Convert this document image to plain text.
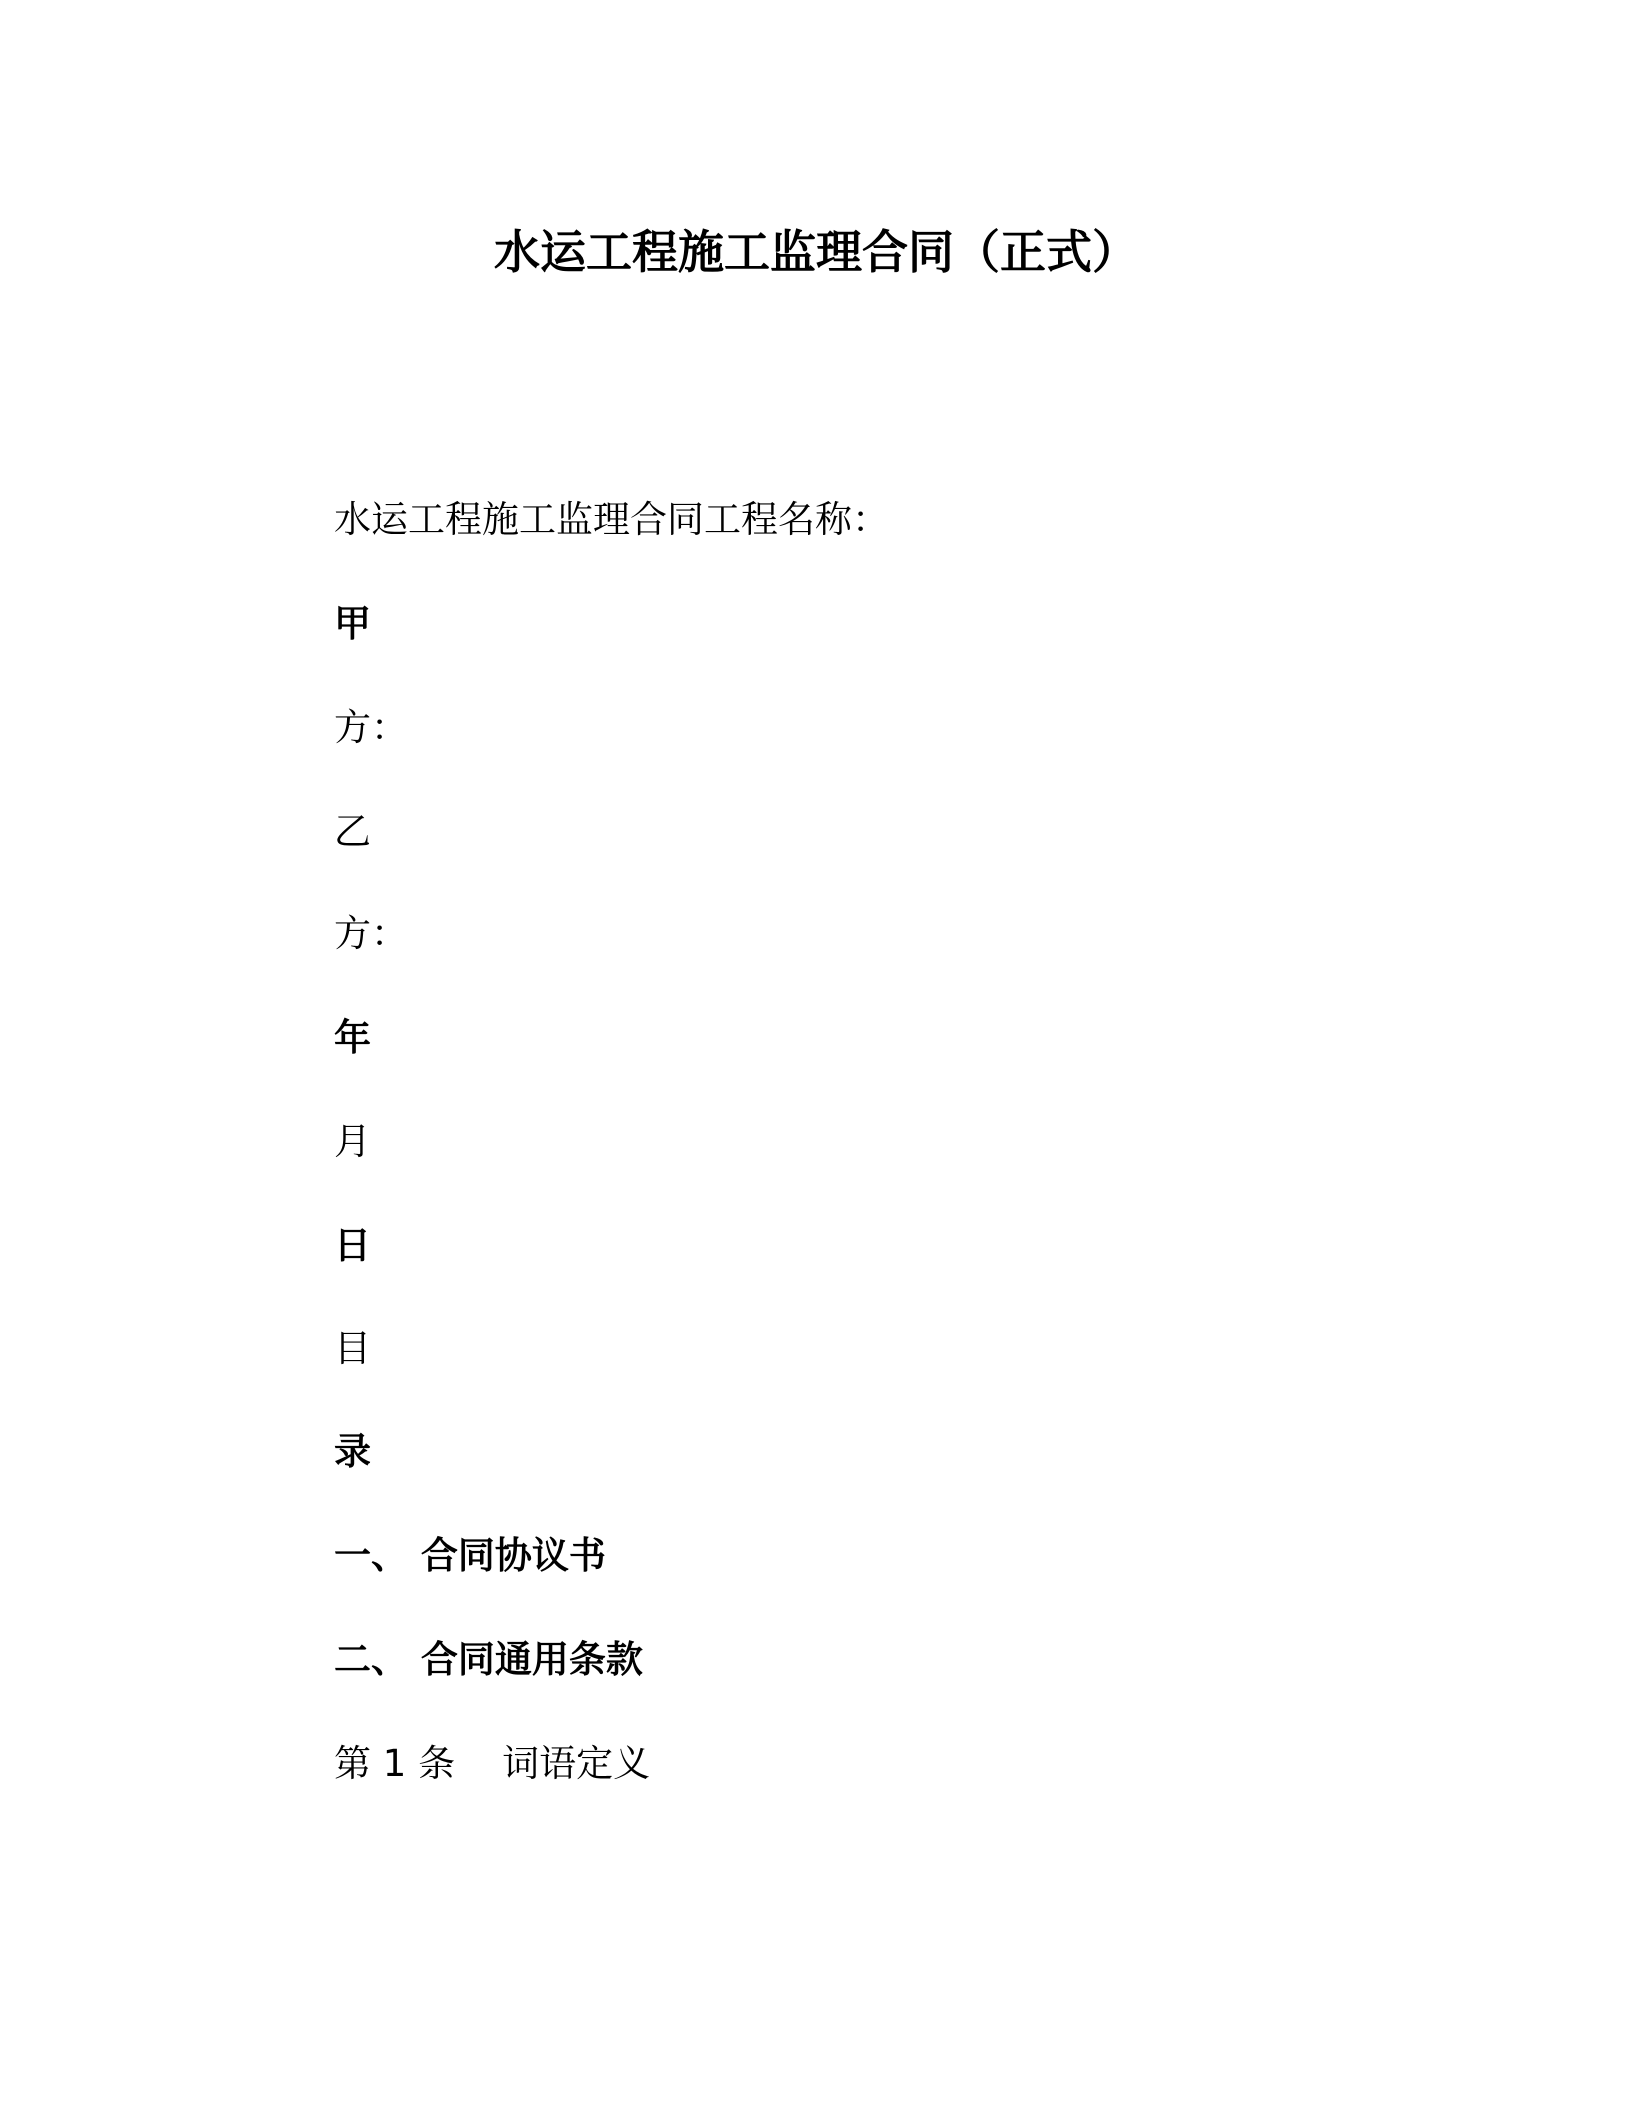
水运工程施工监理合同（正式）
水运工程施工监理合同工程名称：
甲
方：
乙
方：
年
月
日
目
录
一、 合同协议书
二、 合同通用条款
第 1 条    词语定义
